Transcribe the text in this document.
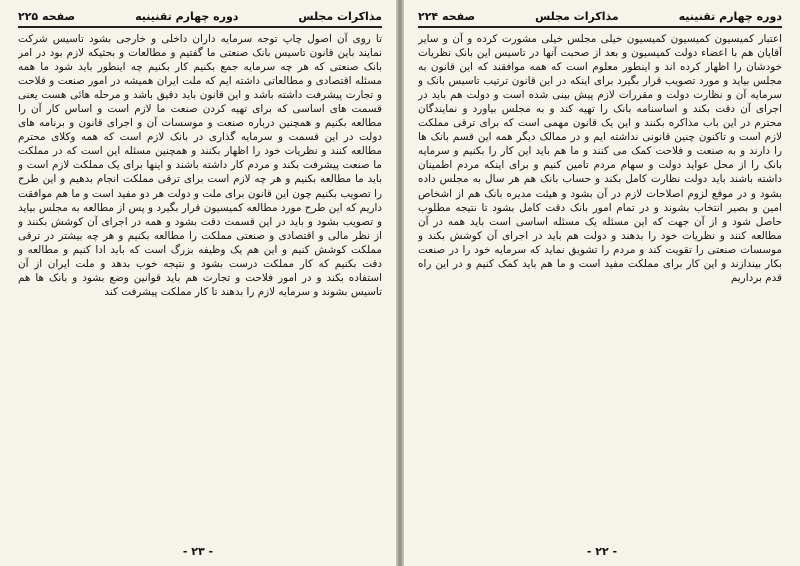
مذاكرات مجلس
دوره چهارم تقنینیه
صفحه ۲۲۵

تا روی آن اصول چاپ توجه سرمایه داران داخلی و خارجی بشود تاسیس شرکت نمایند باین قانون تاسیس بانک صنعتی ما گفتیم و مطالعات و بحثیکه لازم بود در امر بانک صنعتی که هر چه سرمایه جمع بکنیم کار بکنیم چه اینطور باید شود ما همه مسئله اقتصادی و مطالعاتی داشته ایم که ملت ایران همیشه در امور صنعت و فلاحت و تجارت پیشرفت داشته باشد و این قانون باید دقیق باشد و مرحله هائی هست یعنی قسمت های اساسی که برای تهیه کردن صنعت ما لازم است و اساس کار آن را مطالعه بکنیم و همچنین درباره صنعت و موسسات آن و اجرای قانون و برنامه های دولت در این قسمت و سرمایه گذاری در بانک لازم است که همه وکلای محترم مطالعه کنند و نظریات خود را اظهار بکنند و همچنین مسئله این است که در مملکت ما صنعت پیشرفت بکند و مردم کار داشته باشند و اینها برای یک مملکت لازم است و باید ما مطالعه بکنیم و هر چه لازم است برای ترقی مملکت انجام بدهیم و این طرح را تصویب بکنیم چون این قانون برای ملت و دولت هر دو مفید است و ما هم موافقت داریم که این طرح مورد مطالعه کمیسیون قرار بگیرد و پس از مطالعه به مجلس بیاید و تصویب بشود و باید در این قسمت دقت بشود و همه در اجرای آن کوشش بکنند و از نظر مالی و اقتصادی و صنعتی مملکت را مطالعه بکنیم و هر چه بیشتر در ترقی مملکت کوشش کنیم و این هم یک وظیفه بزرگ است که باید ادا کنیم و مطالعه و دقت بکنیم که کار مملکت درست بشود و نتیجه خوب بدهد و ملت ایران از آن استفاده بکند و در امور فلاحت و تجارت هم باید قوانین وضع بشود و بانک ها هم تاسیس بشوند و سرمایه لازم را بدهند تا کار مملکت پیشرفت کند

- ۲۳ -
دوره چهارم تقنینیه
مذاكرات مجلس
صفحه ۲۲۴

اعتبار کمیسیون کمیسیون کمیسیون خیلی مجلس خیلی مشورت کرده و آن و سایر آقایان هم با اعضاء دولت کمیسیون و بعد از صحبت آنها در تاسیس این بانک نظریات خودشان را اظهار کرده اند و اینطور معلوم است که همه موافقند که این قانون به مجلس بیاید و مورد تصویب قرار بگیرد برای اینکه در این قانون ترتیب تاسیس بانک و سرمایه آن و نظارت دولت و مقررات لازم پیش بینی شده است و دولت هم باید در اجرای آن دقت بکند و اساسنامه بانک را تهیه کند و به مجلس بیاورد و نمایندگان محترم در این باب مذاکره بکنند و این یک قانون مهمی است که برای ترقی مملکت لازم است و تاکنون چنین قانونی نداشته ایم و در ممالک دیگر همه این قسم بانک ها را دارند و به صنعت و فلاحت کمک می کنند و ما هم باید این کار را بکنیم و سرمایه بانک را از محل عواید دولت و سهام مردم تامین کنیم و برای اینکه مردم اطمینان داشته باشند باید دولت نظارت کامل بکند و حساب بانک هم هر سال به مجلس داده بشود و در موقع لزوم اصلاحات لازم در آن بشود و هیئت مدیره بانک هم از اشخاص امین و بصیر انتخاب بشوند و در تمام امور بانک دقت کامل بشود تا نتیجه مطلوب حاصل شود و از آن جهت که این مسئله یک مسئله اساسی است باید همه در آن مطالعه کنند و نظریات خود را بدهند و دولت هم باید در اجرای آن کوشش بکند و موسسات صنعتی را تقویت کند و مردم را تشویق نماید که سرمایه خود را در صنعت بکار بیندازند و این کار برای مملکت مفید است و ما هم باید کمک کنیم و در این راه قدم برداریم

- ۲۲ -
